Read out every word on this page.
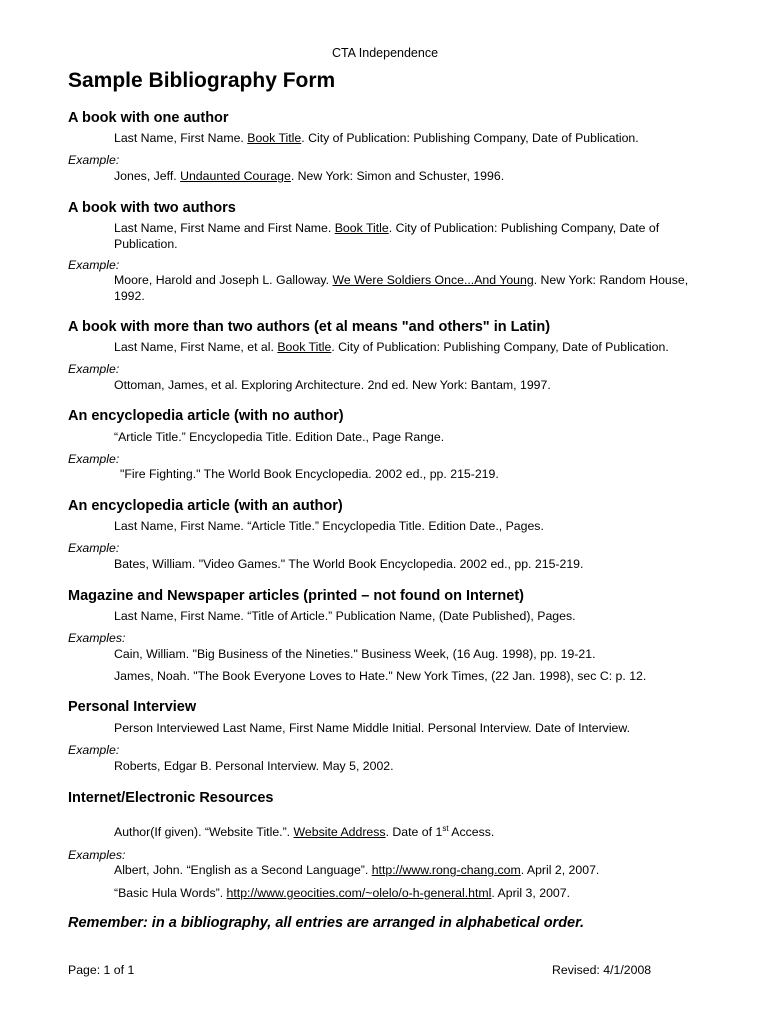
CTA Independence
Sample Bibliography Form
A book with one author
Last Name, First Name. Book Title. City of Publication: Publishing Company, Date of Publication.
Example:
Jones, Jeff. Undaunted Courage. New York: Simon and Schuster, 1996.
A book with two authors
Last Name, First Name and First Name. Book Title. City of Publication: Publishing Company, Date of Publication.
Example:
Moore, Harold and Joseph L. Galloway. We Were Soldiers Once...And Young. New York: Random House, 1992.
A book with more than two authors (et al means "and others" in Latin)
Last Name, First Name, et al. Book Title. City of Publication: Publishing Company, Date of Publication.
Example:
Ottoman, James, et al. Exploring Architecture. 2nd ed. New York: Bantam, 1997.
An encyclopedia article (with no author)
“Article Title.” Encyclopedia Title. Edition Date., Page Range.
Example:
"Fire Fighting." The World Book Encyclopedia. 2002 ed., pp. 215-219.
An encyclopedia article (with an author)
Last Name, First Name. “Article Title.” Encyclopedia Title. Edition Date., Pages.
Example:
Bates, William. "Video Games." The World Book Encyclopedia. 2002 ed., pp. 215-219.
Magazine and Newspaper articles (printed – not found on Internet)
Last Name, First Name. “Title of Article.” Publication Name, (Date Published), Pages.
Examples:
Cain, William. "Big Business of the Nineties." Business Week, (16 Aug. 1998), pp. 19-21.
James, Noah. "The Book Everyone Loves to Hate." New York Times, (22 Jan. 1998), sec C: p. 12.
Personal Interview
Person Interviewed Last Name, First Name Middle Initial. Personal Interview. Date of Interview.
Example:
Roberts, Edgar B. Personal Interview. May 5, 2002.
Internet/Electronic Resources
Author(If given). “Website Title.”. Website Address. Date of 1st Access.
Examples:
Albert, John. “English as a Second Language”. http://www.rong-chang.com. April 2, 2007.
“Basic Hula Words”. http://www.geocities.com/~olelo/o-h-general.html. April 3, 2007.
Remember: in a bibliography, all entries are arranged in alphabetical order.
Page: 1 of 1	Revised: 4/1/2008
